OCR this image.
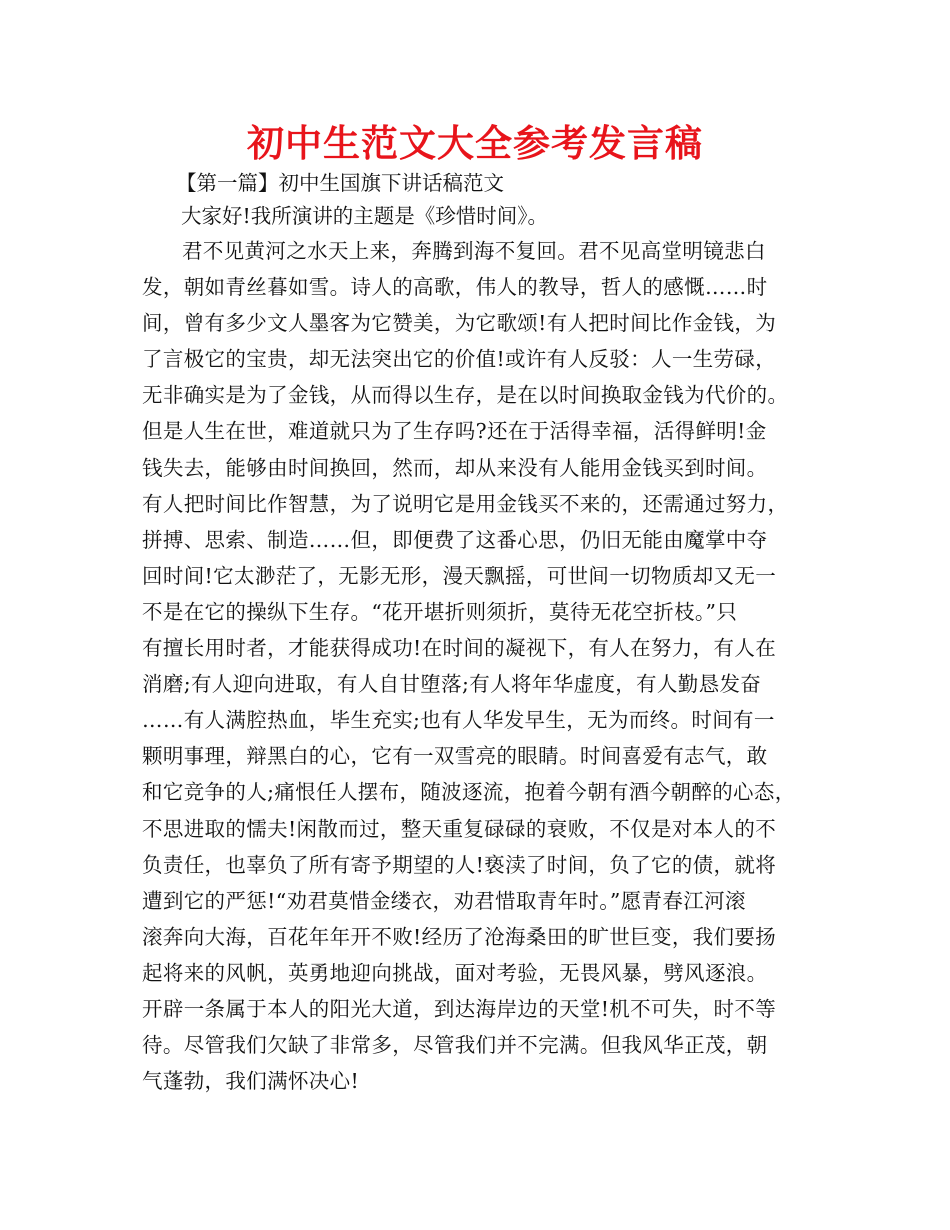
初中生范文大全参考发言稿
【第一篇】初中生国旗下讲话稿范文
大家好!我所演讲的主题是《珍惜时间》。
君不见黄河之水天上来，奔腾到海不复回。君不见高堂明镜悲白
发，朝如青丝暮如雪。诗人的高歌，伟人的教导，哲人的感慨……时
间，曾有多少文人墨客为它赞美，为它歌颂!有人把时间比作金钱，为
了言极它的宝贵，却无法突出它的价值!或许有人反驳：人一生劳碌，
无非确实是为了金钱，从而得以生存，是在以时间换取金钱为代价的。
但是人生在世，难道就只为了生存吗?还在于活得幸福，活得鲜明!金
钱失去，能够由时间换回，然而，却从来没有人能用金钱买到时间。
有人把时间比作智慧，为了说明它是用金钱买不来的，还需通过努力，
拼搏、思索、制造……但，即便费了这番心思，仍旧无能由魔掌中夺
回时间!它太渺茫了，无影无形，漫天飘摇，可世间一切物质却又无一
不是在它的操纵下生存。“花开堪折则须折，莫待无花空折枝。”只
有擅长用时者，才能获得成功!在时间的凝视下，有人在努力，有人在
消磨;有人迎向进取，有人自甘堕落;有人将年华虚度，有人勤恳发奋
……有人满腔热血，毕生充实;也有人华发早生，无为而终。时间有一
颗明事理，辩黑白的心，它有一双雪亮的眼睛。时间喜爱有志气，敢
和它竞争的人;痛恨任人摆布，随波逐流，抱着今朝有酒今朝醉的心态，
不思进取的懦夫!闲散而过，整天重复碌碌的衰败，不仅是对本人的不
负责任，也辜负了所有寄予期望的人!亵渎了时间，负了它的债，就将
遭到它的严惩!“劝君莫惜金缕衣，劝君惜取青年时。”愿青春江河滚
滚奔向大海，百花年年开不败!经历了沧海桑田的旷世巨变，我们要扬
起将来的风帆，英勇地迎向挑战，面对考验，无畏风暴，劈风逐浪。
开辟一条属于本人的阳光大道，到达海岸边的天堂!机不可失，时不等
待。尽管我们欠缺了非常多，尽管我们并不完满。但我风华正茂，朝
气蓬勃，我们满怀决心!
